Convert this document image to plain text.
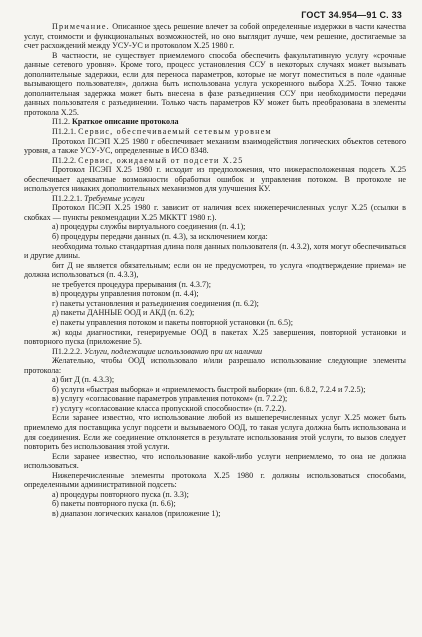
ГОСТ 34.954—91 С. 33

Примечание. Описанное здесь решение влечет за собой определенные издержки в части качества услуг, стоимости и функциональных возможностей, но оно выглядит лучше, чем решение, достигаемые за счет расхождений между УСУ-УС и протоколом Х.25 1980 г.

В частности, не существует приемлемого способа обеспечить факультативную услугу «срочные данные сетевого уровня». Кроме того, процесс установления ССУ в некоторых случаях может вызывать дополнительные задержки, если для переноса параметров, которые не могут поместиться в поле «данные вызывающего пользователя», должна быть использована услуга ускоренного выбора Х.25. Точно также дополнительная задержка может быть внесена в фазе разъединения ССУ при необходимости передачи данных пользователя с разъединении. Только часть параметров КУ может быть преобразована в элементы протокола Х.25.

П1.2. Краткое описание протокола

П1.2.1. Сервис, обеспечиваемый сетевым уровнем

Протокол ПСЭП Х.25 1980 г обеспечивает механизм взаимодействия логических объектов сетевого уровня, а также УСУ-УС, определенные в ИСО 8348.

П1.2.2. Сервис, ожидаемый от подсети Х.25

Протокол ПСЭП Х.25 1980 г. исходит из предположения, что нижерасположенная подсеть Х.25 обеспечивает адекватные возможности обработки ошибок и управления потоком. В протоколе не используется никаких дополнительных механизмов для улучшения КУ.

П1.2.2.1. Требуемые услуги

Протокол ПСЭП Х.25 1980 г. зависит от наличия всех нижеперечисленных услуг Х.25 (ссылки в скобках — пункты рекомендации Х.25 МККТТ 1980 г.).

а) процедуры службы виртуального соединения (п. 4.1);

б) процедуры передачи данных (п. 4.3), за исключением когда:

необходима только стандартная длина поля данных пользователя (п. 4.3.2), хотя могут обеспечиваться и другие длины.

бит Д не является обязательным; если он не предусмотрен, то услуга «подтверждение приема» не должна использоваться (п. 4.3.3),

не требуется процедура прерывания (п. 4.3.7);

в) процедуры управления потоком (п. 4.4);

г) пакеты установления и разъединения соединения (п. 6.2);

д) пакеты ДАННЫЕ ООД и АКД (п. 6.2);

е) пакеты управления потоком и пакеты повторной установки (п. 6.5);

ж) коды диагностики, генерируемые ООД в пакетах Х.25 завершения, повторной установки и повторного пуска (приложение 5).

П1.2.2.2. Услуги, подлежащие использованию при их наличии

Желательно, чтобы ООД использовало и/или разрешало использование следующие элементы протокола:

а) бит Д (п. 4.3.3);

б) услуги «быстрая выборка» и «приемлемость быстрой выборки» (пп. 6.8.2, 7.2.4 и 7.2.5);

в) услугу «согласование параметров управления потоком» (п. 7.2.2);

г) услугу «согласование класса пропускной способности» (п. 7.2.2).

Если заранее известно, что использование любой из вышеперечисленных услуг Х.25 может быть приемлемо для поставщика услуг подсети и вызываемого ООД, то такая услуга должна быть использована и для соединения. Если же соединение отклоняется в результате использования этой услуги, то вызов следует повторить без использования этой услуги.

Если заранее известно, что использование какой-либо услуги неприемлемо, то она не должна использоваться.

Нижеперечисленные элементы протокола Х.25 1980 г. должны использоваться способами, определенными административной подсеть:

а) процедуры повторного пуска (п. 3.3);

б) пакеты повторного пуска (п. 6.6);

в) диапазон логических каналов (приложение 1);
